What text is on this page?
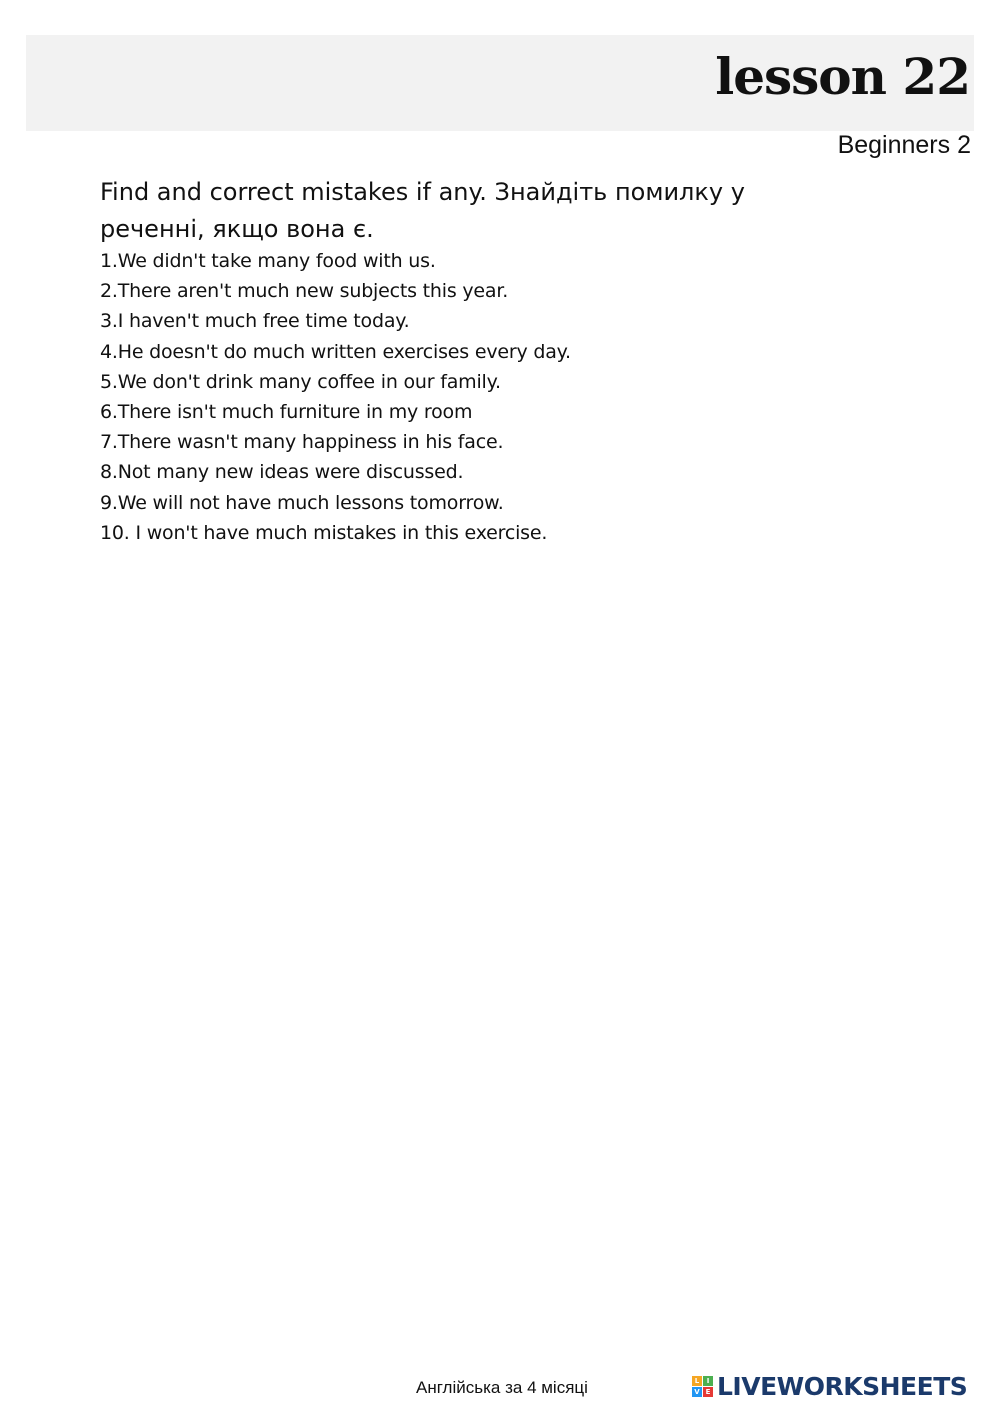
lesson 22
Beginners 2

Find and correct mistakes if any. Знайдіть помилку у реченні, якщо вона є.

1.We didn't take many food with us.
2.There aren't much new subjects this year.
3.I haven't much free time today.
4.He doesn't do much written exercises every day.
5.We don't drink many coffee in our family.
6.There isn't much furniture in my room
7.There wasn't many happiness in his face.
8.Not many new ideas were discussed.
9.We will not have much lessons tomorrow.
10. I won't have much mistakes in this exercise.
Англійська за 4 місяці	L	I
V E LIVEWORKSHEETS
